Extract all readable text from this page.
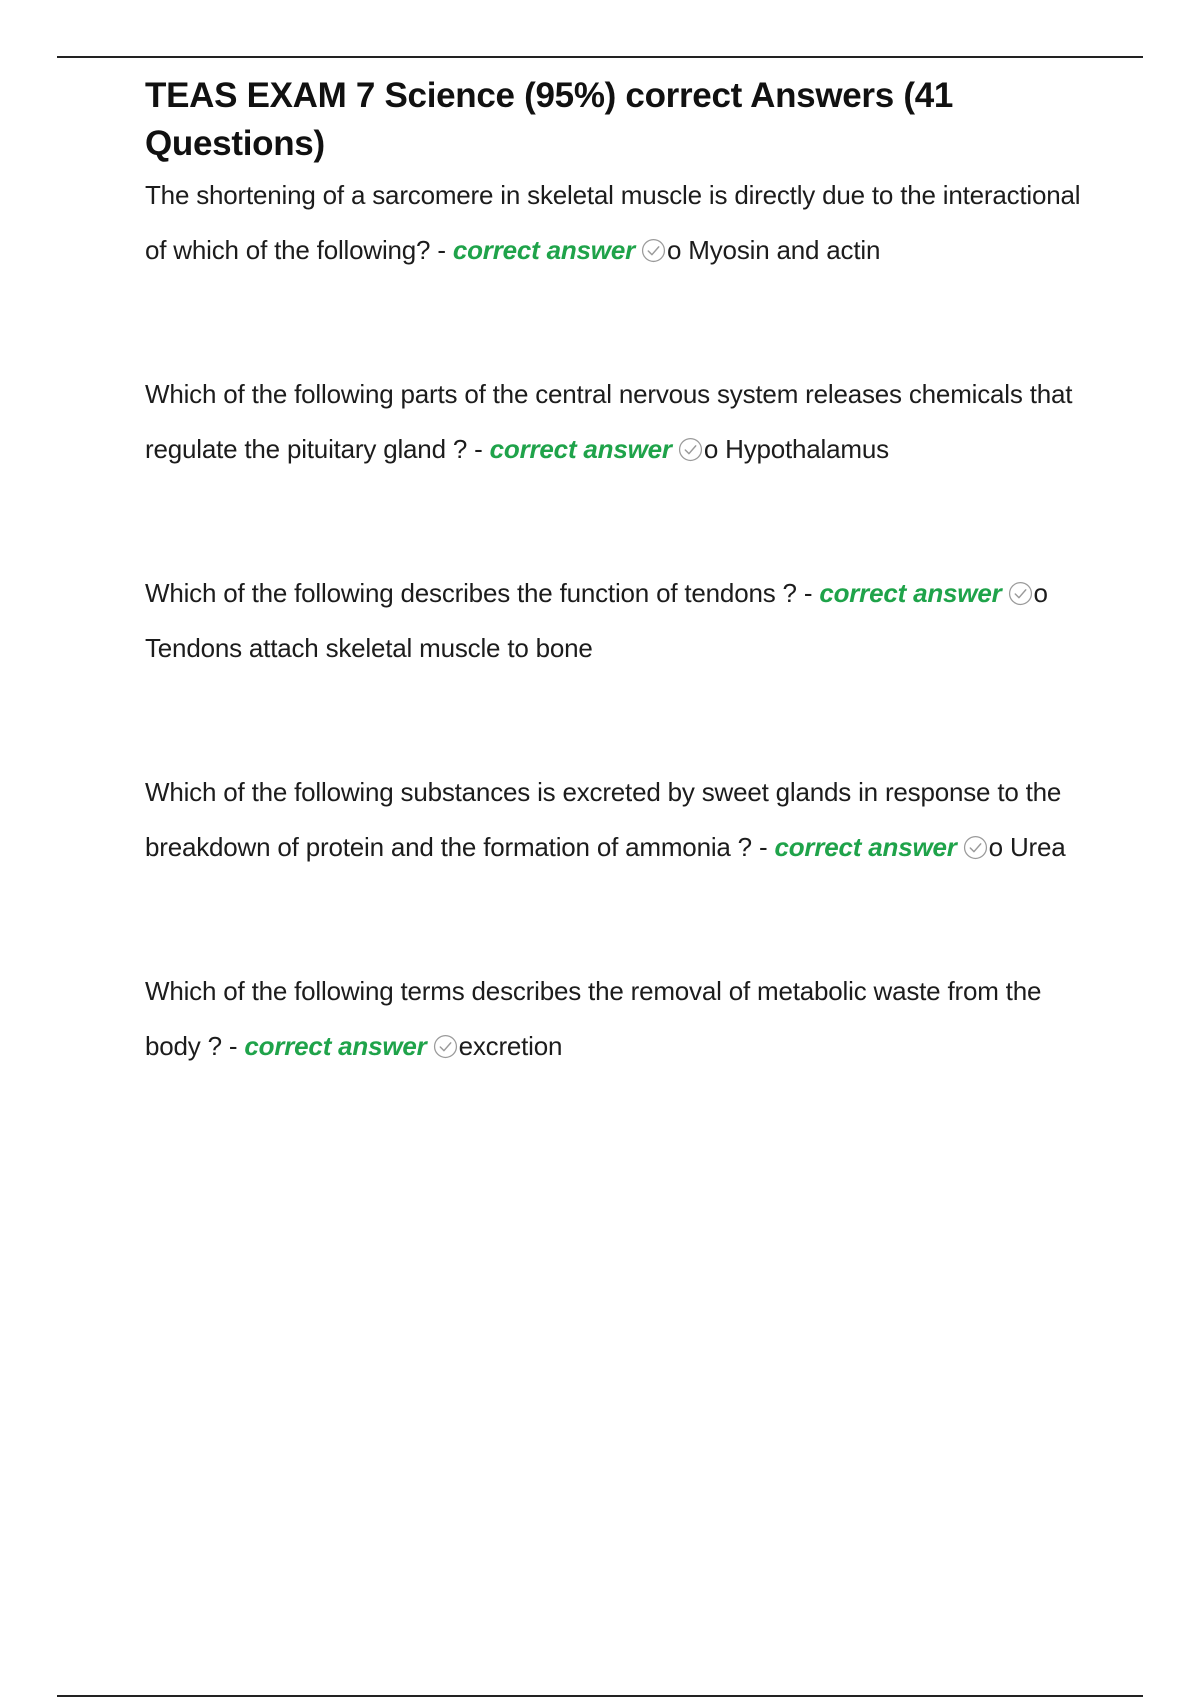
TEAS EXAM 7 Science (95%) correct Answers (41 Questions)

The shortening of a sarcomere in skeletal muscle is directly due to the interactional of which of the following? - correct answer o Myosin and actin

Which of the following parts of the central nervous system releases chemicals that regulate the pituitary gland ? - correct answer o Hypothalamus

Which of the following describes the function of tendons ? - correct answer o Tendons attach skeletal muscle to bone

Which of the following substances is excreted by sweet glands in response to the breakdown of protein and the formation of ammonia ? - correct answer o Urea

Which of the following terms describes the removal of metabolic waste from the body ? - correct answer excretion
